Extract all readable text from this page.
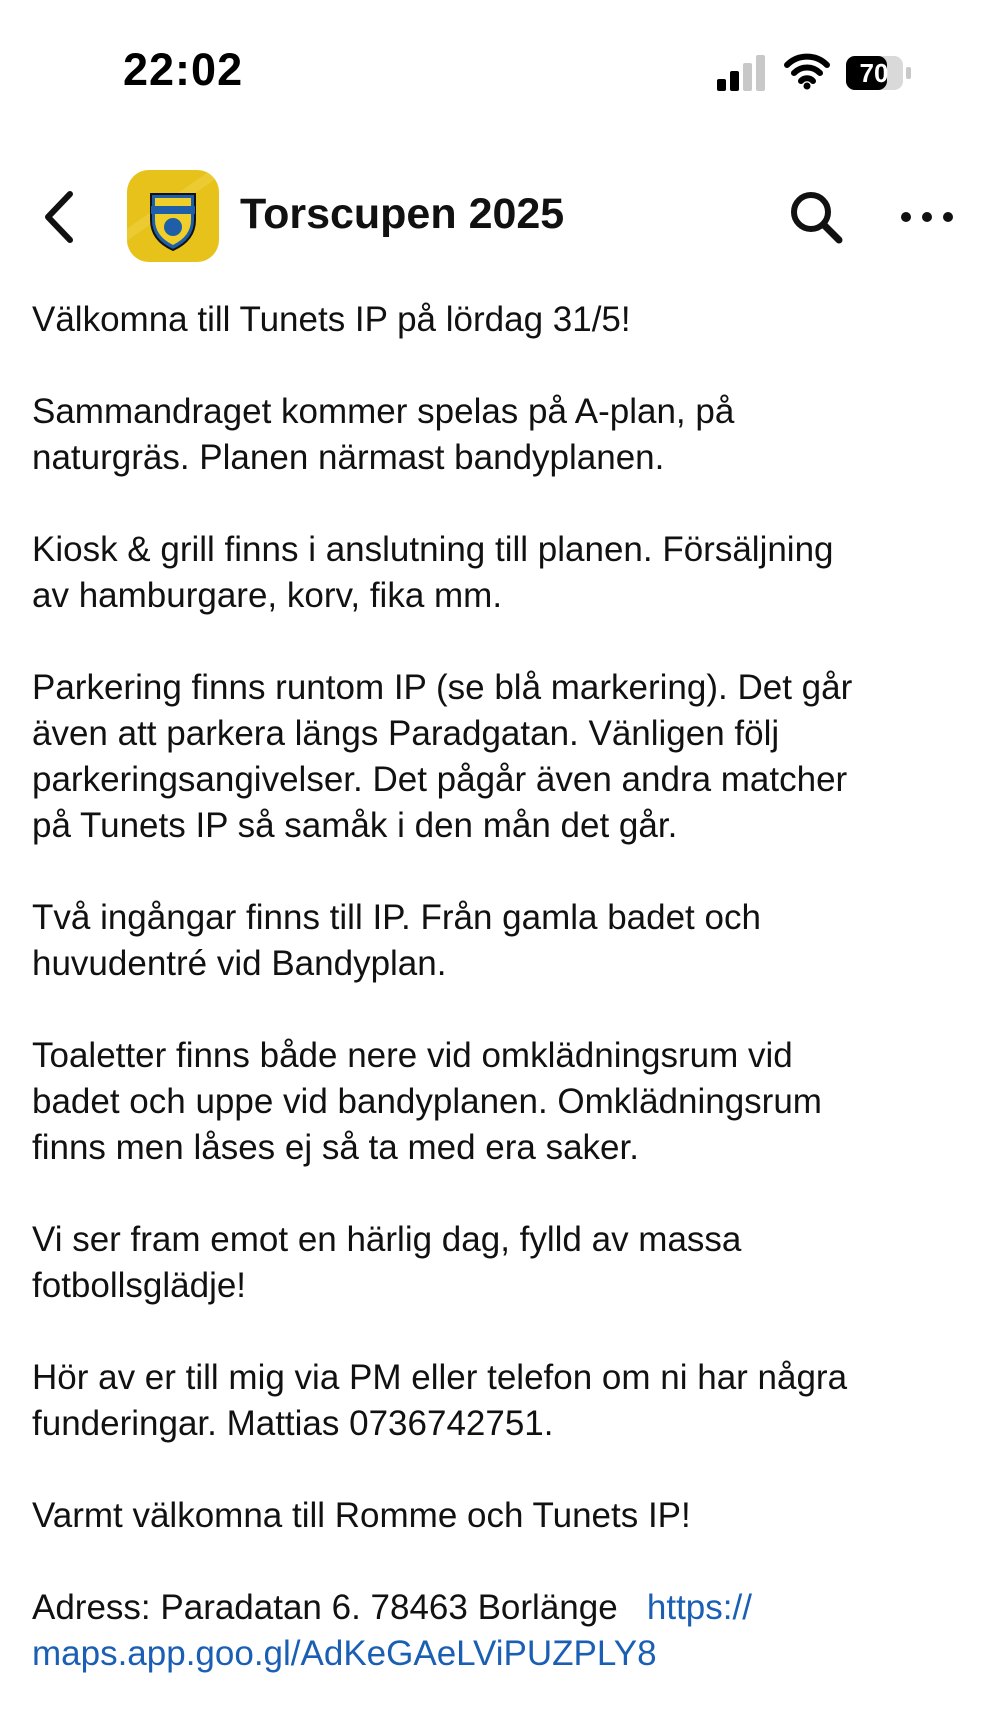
22:02	70
Torscupen 2025

Välkomna till Tunets IP på lördag 31/5!

Sammandraget kommer spelas på A-plan, på
naturgräs. Planen närmast bandyplanen.

Kiosk & grill finns i anslutning till planen. Försäljning
av hamburgare, korv, fika mm.

Parkering finns runtom IP (se blå markering). Det går
även att parkera längs Paradgatan. Vänligen följ
parkeringsangivelser. Det pågår även andra matcher
på Tunets IP så samåk i den mån det går.

Två ingångar finns till IP. Från gamla badet och
huvudentré vid Bandyplan.

Toaletter finns både nere vid omklädningsrum vid
badet och uppe vid bandyplanen. Omklädningsrum
finns men låses ej så ta med era saker.

Vi ser fram emot en härlig dag, fylld av massa
fotbollsglädje!

Hör av er till mig via PM eller telefon om ni har några
funderingar. Mattias 0736742751.

Varmt välkomna till Romme och Tunets IP!

Adress: Paradatan 6. 78463 Borlänge https://
maps.app.goo.gl/AdKeGAeLViPUZPLY8
